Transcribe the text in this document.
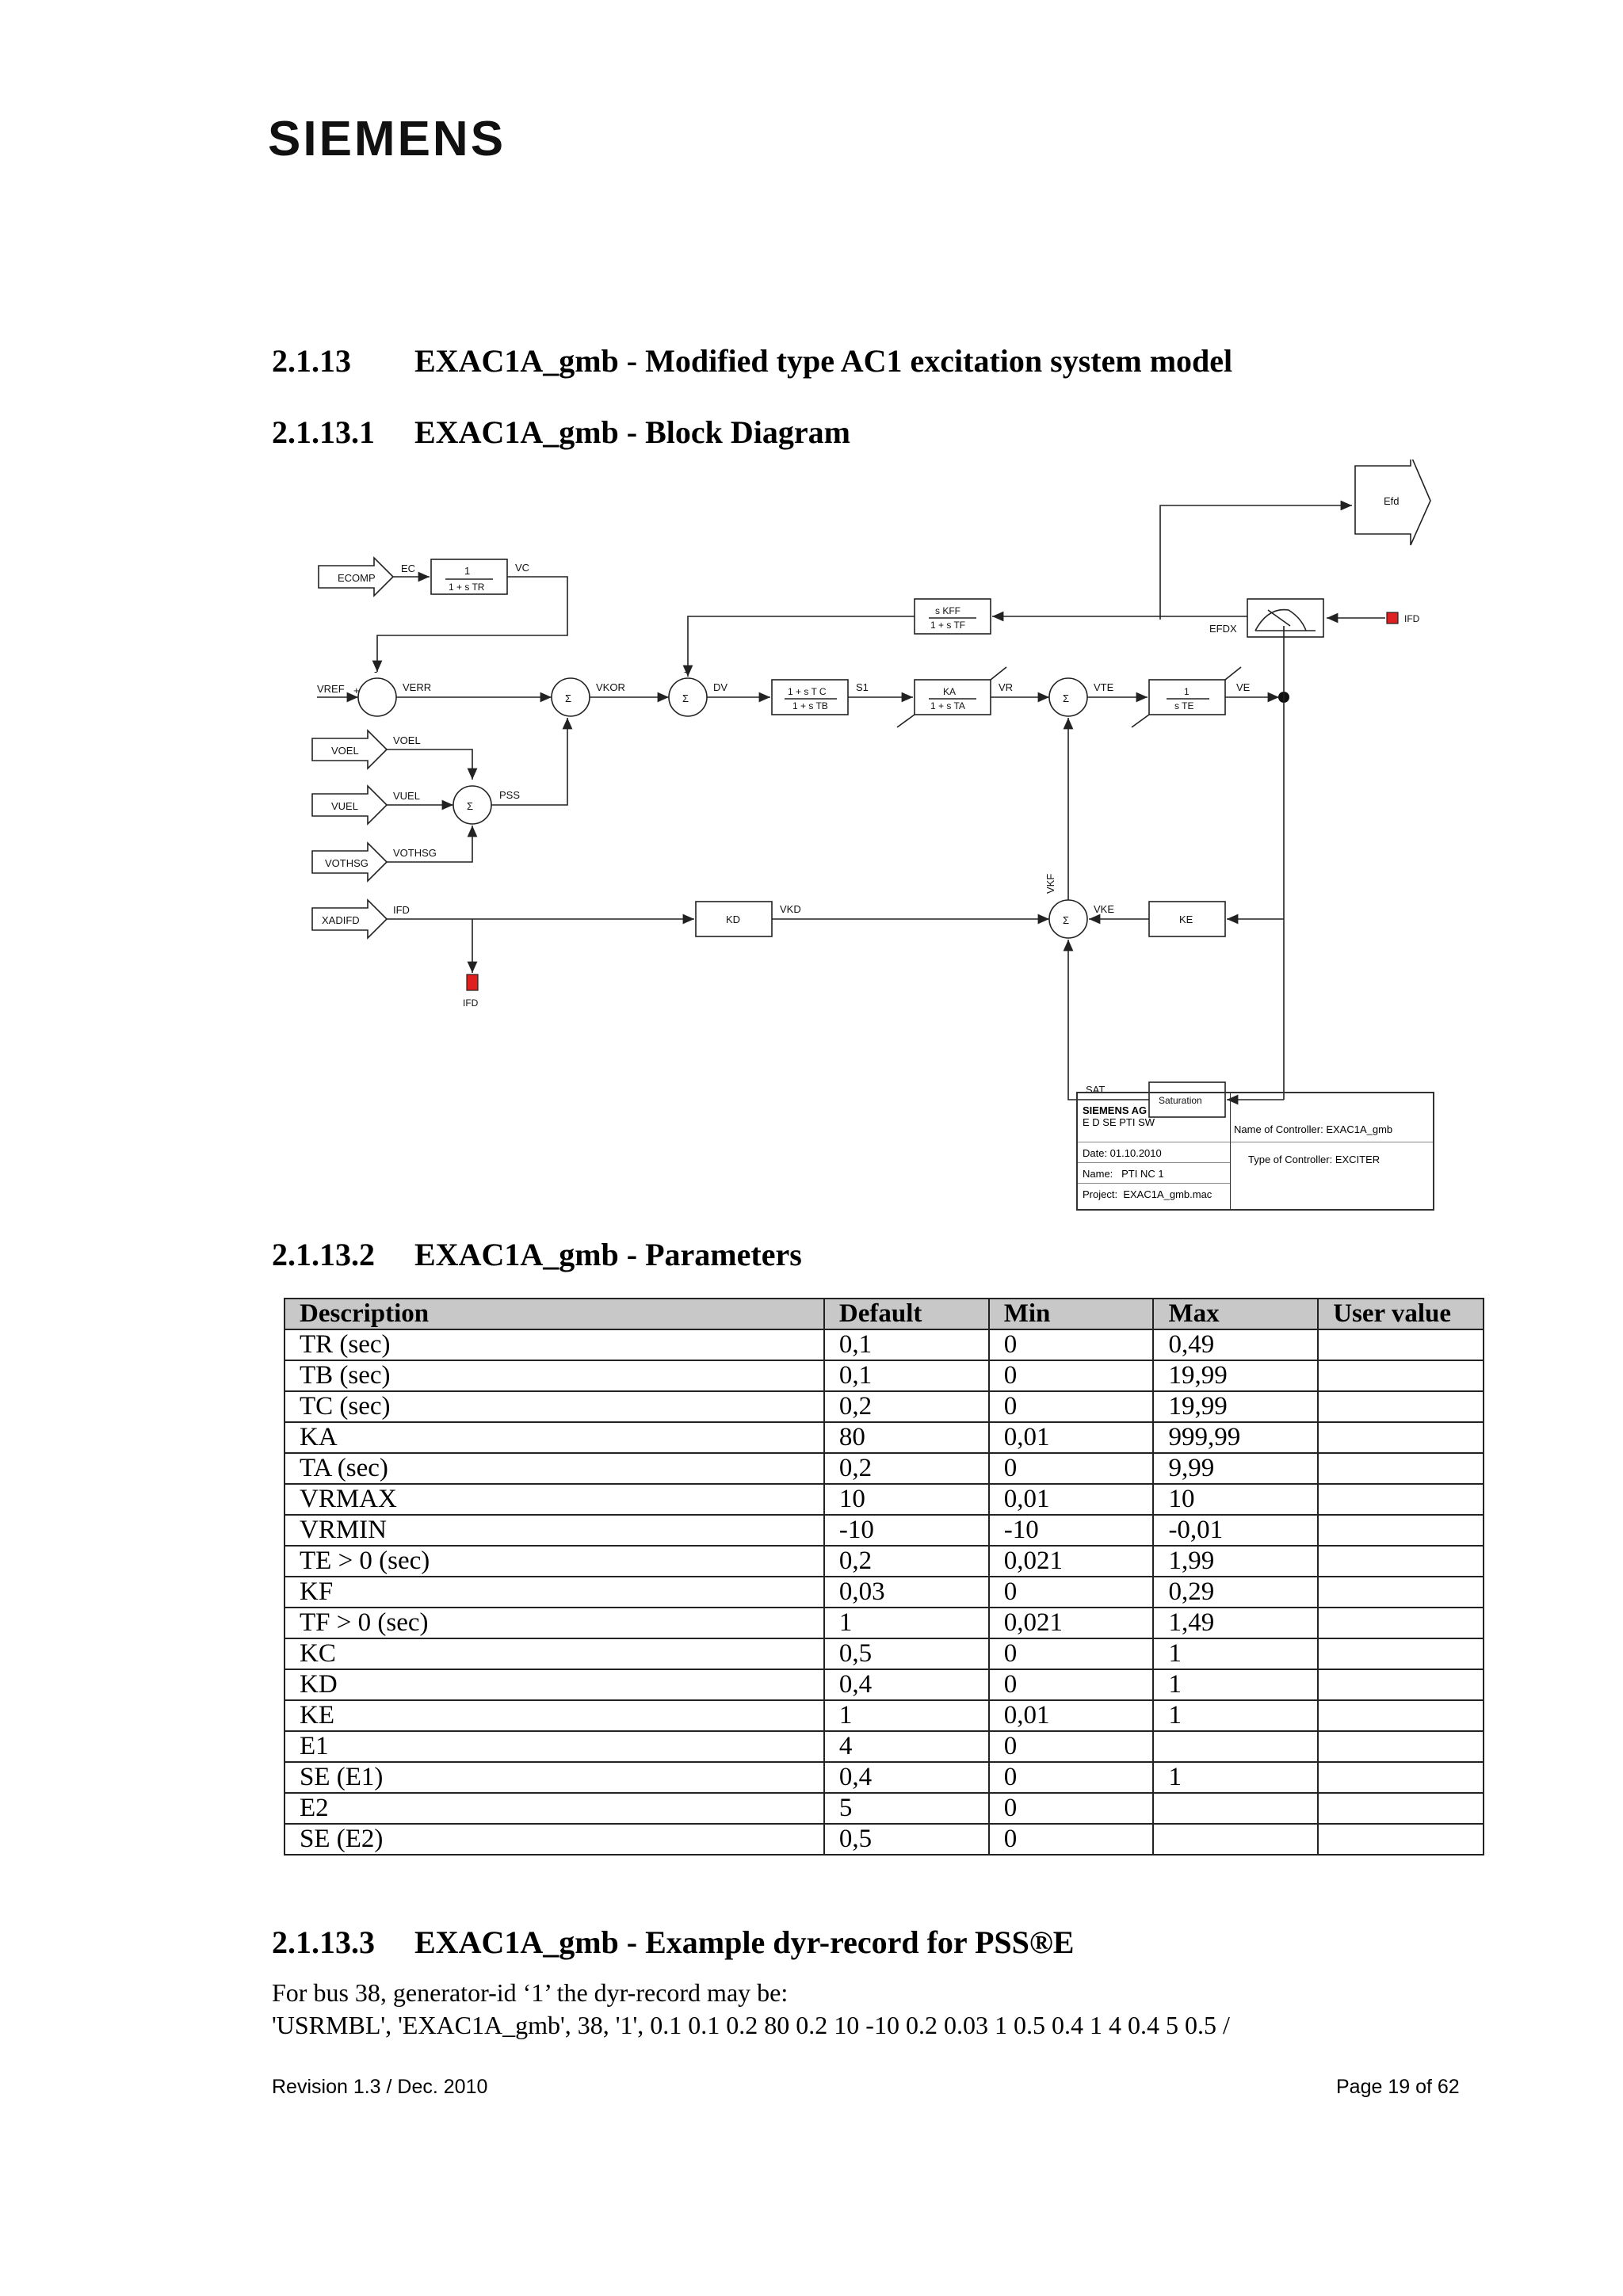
SIEMENS
2.1.13 EXAC1A_gmb - Modified type AC1 excitation system model
2.1.13.1 EXAC1A_gmb - Block Diagram
Efd
ECOMP
EC	1
1 + s TR
VC
VREF
-
+	VERR
Σ
VKOR
Σ
-
DV	1 + s T C
1 + s TB
S1	KA
1 + s TA
VR
Σ
-
VTE	1
s TE
VE
EFDX
IFD
s KFF
1 + s TF
VOEL
VOEL
VUEL
VUEL
VOTHSG
VOTHSG
Σ
PSS
XADIFD
IFD
IFD
KD
VKD
Σ
VKF
KE
VKE
Saturation
SAT
SIEMENS AG
E D SE PTI SW
Date: 01.10.2010
Name: PTI NC 1
Project: EXAC1A_gmb.mac
Name of Controller: EXAC1A_gmb
Type of Controller: EXCITER
2.1.13.2 EXAC1A_gmb - Parameters
Description	Default	Min	Max	User value
TR (sec)	0,1	0	0,49	
TB (sec)	0,1	0	19,99	
TC (sec)	0,2	0	19,99	
KA	80	0,01	999,99	
TA (sec)	0,2	0	9,99	
VRMAX	10	0,01	10	
VRMIN	-10	-10	-0,01	
TE > 0 (sec)	0,2	0,021	1,99	
KF	0,03	0	0,29	
TF > 0 (sec)	1	0,021	1,49	
KC	0,5	0	1	
KD	0,4	0	1	
KE	1	0,01	1	
E1	4	0		
SE (E1)	0,4	0	1	
E2	5	0		
SE (E2)	0,5	0		
2.1.13.3 EXAC1A_gmb - Example dyr-record for PSS®E
For bus 38, generator-id ‘1’ the dyr-record may be:
'USRMBL', 'EXAC1A_gmb', 38, '1', 0.1 0.1 0.2 80 0.2 10 -10 0.2 0.03 1 0.5 0.4 1 4 0.4 5 0.5 /
Revision 1.3 / Dec. 2010	Page 19 of 62
